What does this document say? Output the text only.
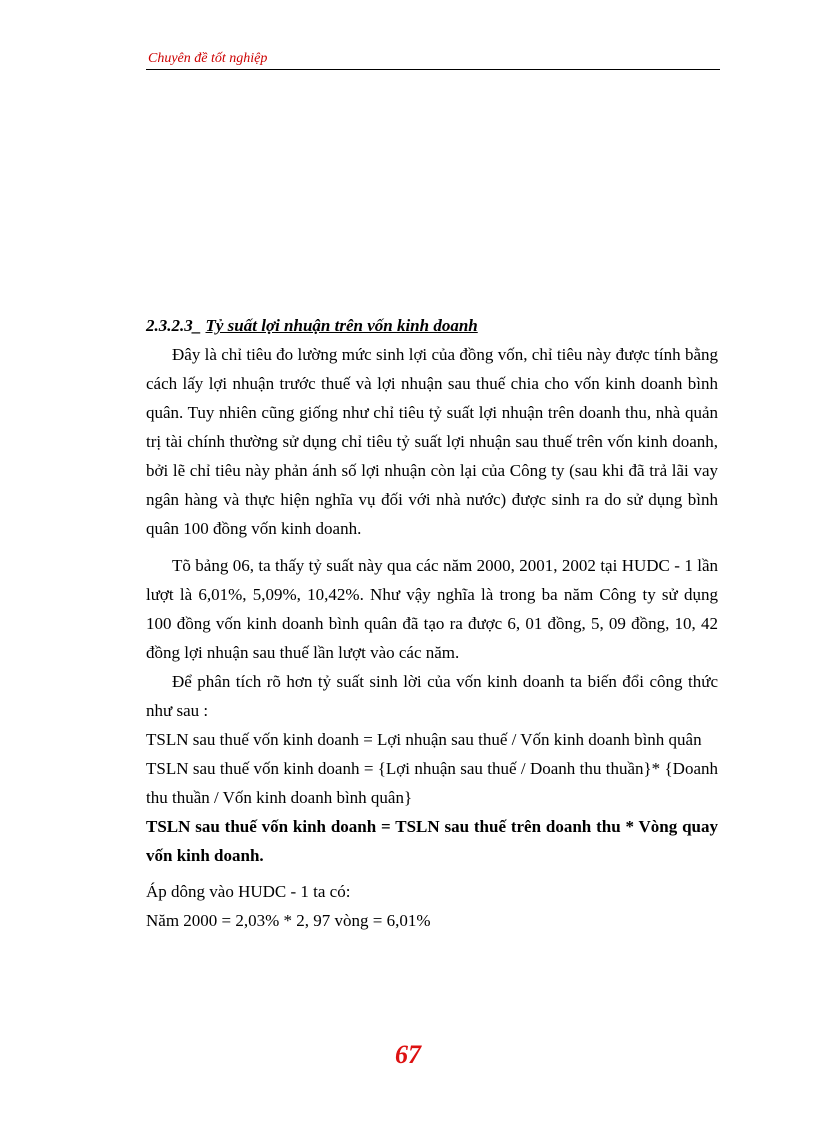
Chuyên đề tốt nghiệp

2.3.2.3_ Tỷ suất lợi nhuận trên vốn kinh doanh

Đây là chỉ tiêu đo lường mức sinh lợi của đồng vốn, chỉ tiêu này được tính bằng cách lấy lợi nhuận trước thuế và lợi nhuận sau thuế chia cho vốn kinh doanh bình quân. Tuy nhiên cũng giống như chỉ tiêu tỷ suất lợi nhuận trên doanh thu, nhà quản trị tài chính thường sử dụng chỉ tiêu tỷ suất lợi nhuận sau thuế trên vốn kinh doanh, bởi lẽ chỉ tiêu này phản ánh số lợi nhuận còn lại của Công ty (sau khi đã trả lãi vay ngân hàng và thực hiện nghĩa vụ đối với nhà nước) được sinh ra do sử dụng bình quân 100 đồng vốn kinh doanh.

Tõ bảng 06, ta thấy tỷ suất này qua các năm 2000, 2001, 2002 tại HUDC - 1 lần lượt là 6,01%, 5,09%, 10,42%. Như vậy nghĩa là trong ba năm Công ty sử dụng 100 đồng vốn kinh doanh bình quân đã tạo ra được 6, 01 đồng, 5, 09 đồng, 10, 42 đồng lợi nhuận sau thuế lần lượt vào các năm.

Để phân tích rõ hơn tỷ suất sinh lời của vốn kinh doanh ta biến đổi công thức như sau :

TSLN sau thuế vốn kinh doanh = Lợi nhuận sau thuế / Vốn kinh doanh bình quân

TSLN sau thuế vốn kinh doanh = {Lợi nhuận sau thuế / Doanh thu thuần}* {Doanh thu thuần / Vốn kinh doanh bình quân}

TSLN sau thuế vốn kinh doanh = TSLN sau thuế trên doanh thu * Vòng quay vốn kinh doanh.

Áp dông vào HUDC - 1 ta có:

Năm 2000 = 2,03% * 2, 97 vòng = 6,01%

67
